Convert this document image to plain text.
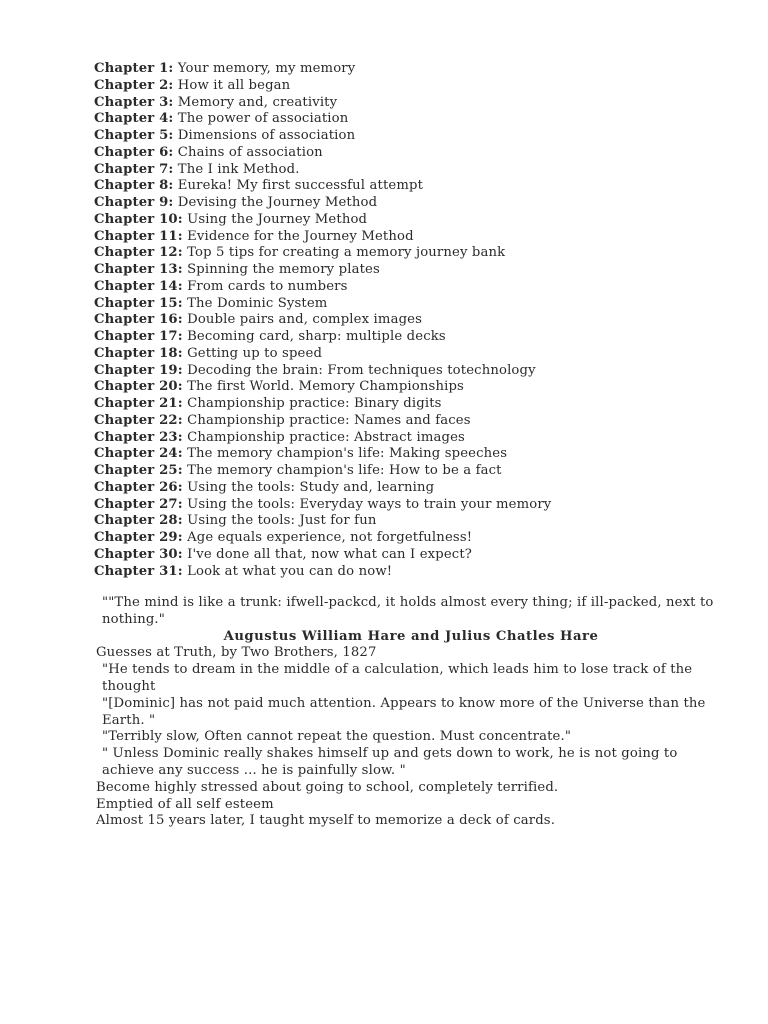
Chapter 1: Your memory, my memory
Chapter 2: How it all began
Chapter 3: Memory and, creativity
Chapter 4: The power of association
Chapter 5: Dimensions of association
Chapter 6: Chains of association
Chapter 7: The I ink Method.
Chapter 8: Eureka! My first successful attempt
Chapter 9: Devising the Journey Method
Chapter 10: Using the Journey Method
Chapter 11: Evidence for the Journey Method
Chapter 12: Top 5 tips for creating a memory journey bank
Chapter 13: Spinning the memory plates
Chapter 14: From cards to numbers
Chapter 15: The Dominic System
Chapter 16: Double pairs and, complex images
Chapter 17: Becoming card, sharp: multiple decks
Chapter 18: Getting up to speed
Chapter 19: Decoding the brain: From techniques totechnology
Chapter 20: The first World. Memory Championships
Chapter 21: Championship practice: Binary digits
Chapter 22: Championship practice: Names and faces
Chapter 23: Championship practice: Abstract images
Chapter 24: The memory champion's life: Making speeches
Chapter 25: The memory champion's life: How to be a fact
Chapter 26: Using the tools: Study and, learning
Chapter 27: Using the tools: Everyday ways to train your memory
Chapter 28: Using the tools: Just for fun
Chapter 29: Age equals experience, not forgetfulness!
Chapter 30: I've done all that, now what can I expect?
Chapter 31: Look at what you can do now!

""The mind is like a trunk: ifwell-packcd, it holds almost every thing; if ill-packed, next to nothing."

Augustus William Hare and Julius Chatles Hare

Guesses at Truth, by Two Brothers, 1827

"He tends to dream in the middle of a calculation, which leads him to lose track of the thought

"[Dominic] has not paid much attention. Appears to know more of the Universe than the Earth. "

"Terribly slow, Often cannot repeat the question. Must concentrate."

" Unless Dominic really shakes himself up and gets down to work, he is not going to achieve any success ... he is painfully slow. "

Become highly stressed about going to school, completely terrified.

Emptied of all self esteem

Almost 15 years later, I taught myself to memorize a deck of cards.
